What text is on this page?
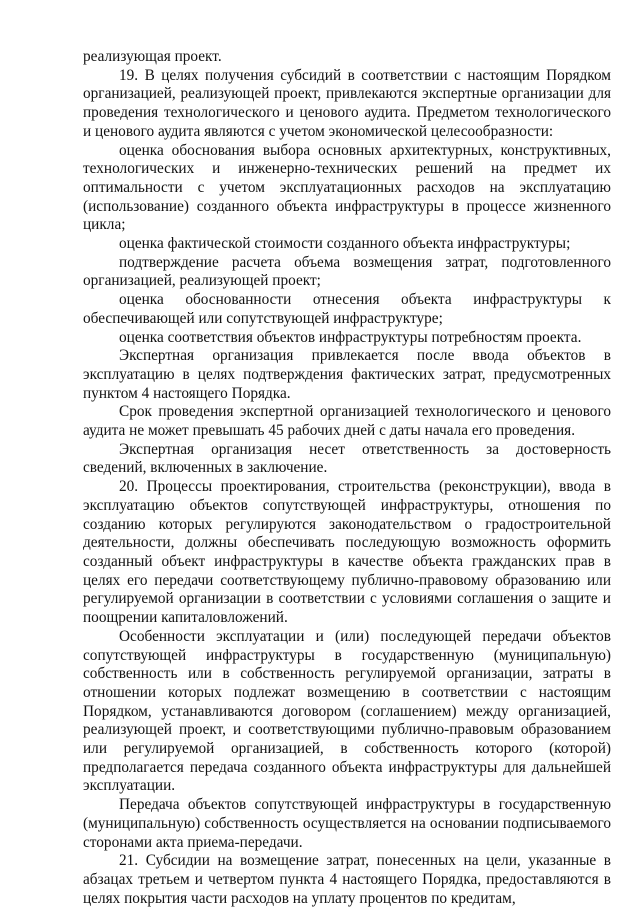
реализующая проект.

19. В целях получения субсидий в соответствии с настоящим Порядком организацией, реализующей проект, привлекаются экспертные организации для проведения технологического и ценового аудита. Предметом технологического и ценового аудита являются с учетом экономической целесообразности:

оценка обоснования выбора основных архитектурных, конструктивных, технологических и инженерно-технических решений на предмет их оптимальности с учетом эксплуатационных расходов на эксплуатацию (использование) созданного объекта инфраструктуры в процессе жизненного цикла;

оценка фактической стоимости созданного объекта инфраструктуры;

подтверждение расчета объема возмещения затрат, подготовленного организацией, реализующей проект;

оценка обоснованности отнесения объекта инфраструктуры к обеспечивающей или сопутствующей инфраструктуре;

оценка соответствия объектов инфраструктуры потребностям проекта.

Экспертная организация привлекается после ввода объектов в эксплуатацию в целях подтверждения фактических затрат, предусмотренных пунктом 4 настоящего Порядка.

Срок проведения экспертной организацией технологического и ценового аудита не может превышать 45 рабочих дней с даты начала его проведения.

Экспертная организация несет ответственность за достоверность сведений, включенных в заключение.

20. Процессы проектирования, строительства (реконструкции), ввода в эксплуатацию объектов сопутствующей инфраструктуры, отношения по созданию которых регулируются законодательством о градостроительной деятельности, должны обеспечивать последующую возможность оформить созданный объект инфраструктуры в качестве объекта гражданских прав в целях его передачи соответствующему публично-правовому образованию или регулируемой организации в соответствии с условиями соглашения о защите и поощрении капиталовложений.

Особенности эксплуатации и (или) последующей передачи объектов сопутствующей инфраструктуры в государственную (муниципальную) собственность или в собственность регулируемой организации, затраты в отношении которых подлежат возмещению в соответствии с настоящим Порядком, устанавливаются договором (соглашением) между организацией, реализующей проект, и соответствующими публично-правовым образованием или регулируемой организацией, в собственность которого (которой) предполагается передача созданного объекта инфраструктуры для дальнейшей эксплуатации.

Передача объектов сопутствующей инфраструктуры в государственную (муниципальную) собственность осуществляется на основании подписываемого сторонами акта приема-передачи.

21. Субсидии на возмещение затрат, понесенных на цели, указанные в абзацах третьем и четвертом пункта 4 настоящего Порядка, предоставляются в целях покрытия части расходов на уплату процентов по кредитам,
